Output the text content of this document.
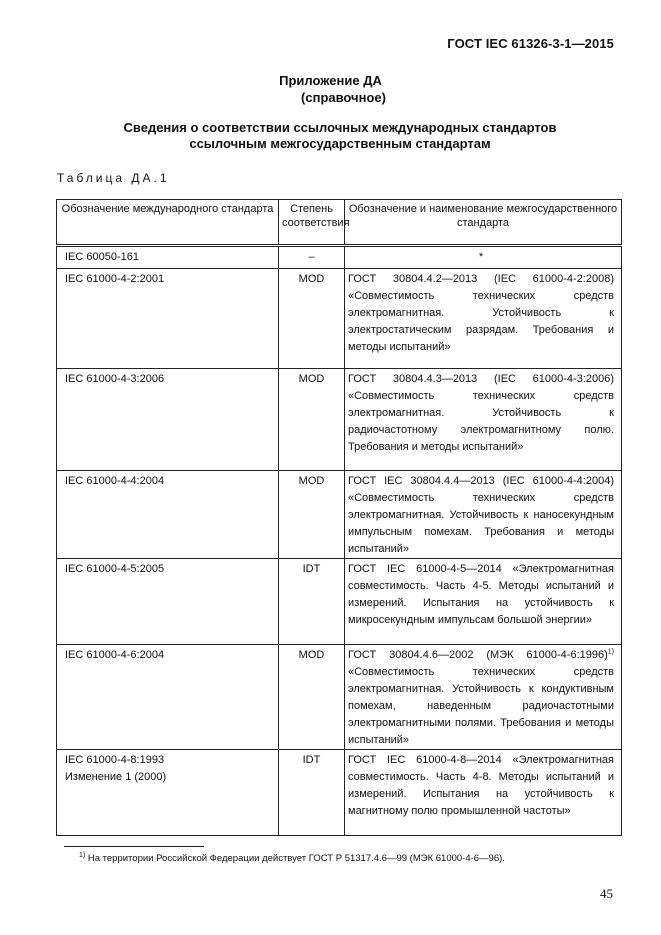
ГОСТ IEC 61326-3-1—2015
Приложение ДА
(справочное)
Сведения о соответствии ссылочных международных стандартов
ссылочным межгосударственным стандартам
Таблица ДА.1
Обозначение международного стандарта	Степень соответствия	Обозначение и наименование межгосударственного стандарта
IEC 60050-161	–	*
IEC 61000-4-2:2001	MOD	ГОСТ 30804.4.2—2013 (IEC 61000-4-2:2008) «Совместимость технических средств электромагнитная. Устойчивость к электростатическим разрядам. Требования и методы испытаний»
IEC 61000-4-3:2006	MOD	ГОСТ 30804.4.3—2013 (IEC 61000-4-3:2006) «Совместимость технических средств электромагнитная. Устойчивость к радиочастотному электромагнитному полю. Требования и методы испытаний»
IEC 61000-4-4:2004	MOD	ГОСТ IEC 30804.4.4—2013 (IEC 61000-4-4:2004) «Совместимость технических средств электромагнитная. Устойчивость к наносекундным импульсным помехам. Требования и методы испытаний»
IEC 61000-4-5:2005	IDT	ГОСТ IEC 61000-4-5—2014 «Электромагнитная совместимость. Часть 4-5. Методы испытаний и измерений. Испытания на устойчивость к микросекундным импульсам большой энергии»
IEC 61000-4-6:2004	MOD	ГОСТ 30804.4.6—2002 (МЭК 61000-4-6:1996)$^{1)}$ «Совместимость технических средств электромагнитная. Устойчивость к кондуктивным помехам, наведенным радиочастотными электромагнитными полями. Требования и методы испытаний»

IEC 61000-4-8:1993
Изменение 1 (2000)	IDT	ГОСТ IEC 61000-4-8—2014 «Электромагнитная совместимость. Часть 4-8. Методы испытаний и измерений. Испытания на устойчивость к магнитному полю промышленной частоты»
$^{1)}$ На территории Российской Федерации действует ГОСТ Р 51317.4.6—99 (МЭК 61000-4-6—96).
45
